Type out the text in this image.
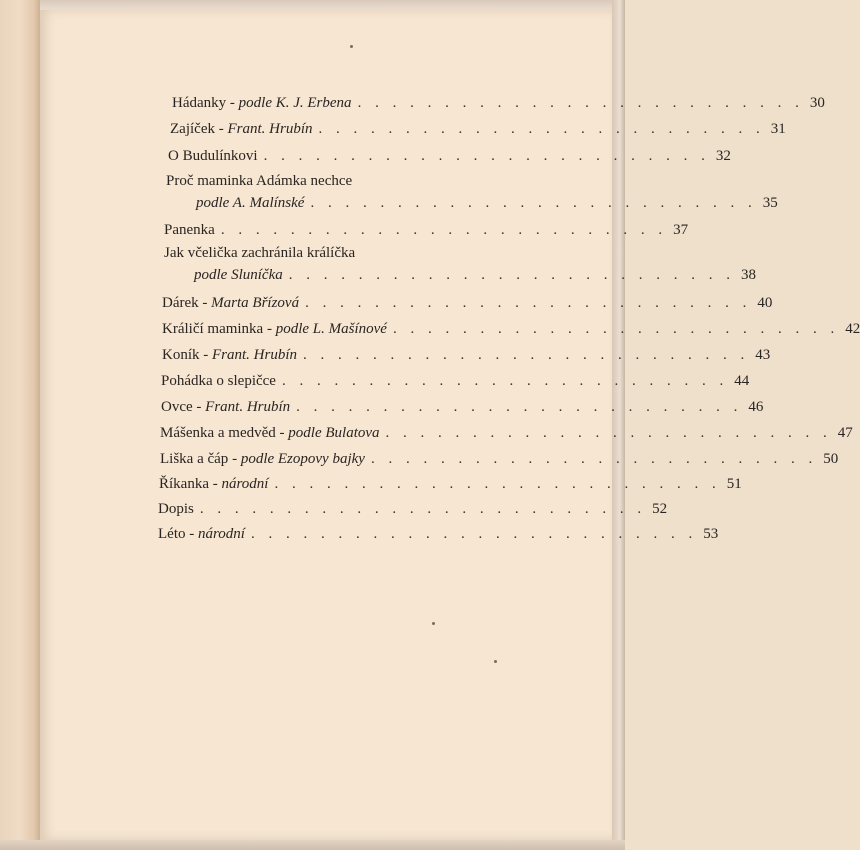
Hádanky - podle K. J. Erbena . . . . . . . . . . . . . . . . . . . . . . . . . . 30
Zajíček - Frant. Hrubín . . . . . . . . . . . . . . . . . . . . . . . . . . 31
O Budulínkovi . . . . . . . . . . . . . . . . . . . . . . . . . . 32
Proč maminka Adámka nechce
podle A. Malínské . . . . . . . . . . . . . . . . . . . . . . . . . . 35
Panenka . . . . . . . . . . . . . . . . . . . . . . . . . . 37
Jak včelička zachránila králíčka
podle Sluníčka . . . . . . . . . . . . . . . . . . . . . . . . . . 38
Dárek - Marta Břízová . . . . . . . . . . . . . . . . . . . . . . . . . . 40
Králičí maminka - podle L. Mašínové . . . . . . . . . . . . . . . . . . . . . . . . . . 42
Koník - Frant. Hrubín . . . . . . . . . . . . . . . . . . . . . . . . . . 43
Pohádka o slepičce . . . . . . . . . . . . . . . . . . . . . . . . . . 44
Ovce - Frant. Hrubín . . . . . . . . . . . . . . . . . . . . . . . . . . 46
Mášenka a medvěd - podle Bulatova . . . . . . . . . . . . . . . . . . . . . . . . . . 47
Liška a čáp - podle Ezopovy bajky . . . . . . . . . . . . . . . . . . . . . . . . . . 50
Říkanka - národní . . . . . . . . . . . . . . . . . . . . . . . . . . 51
Dopis . . . . . . . . . . . . . . . . . . . . . . . . . . 52
Léto - národní . . . . . . . . . . . . . . . . . . . . . . . . . . 53
